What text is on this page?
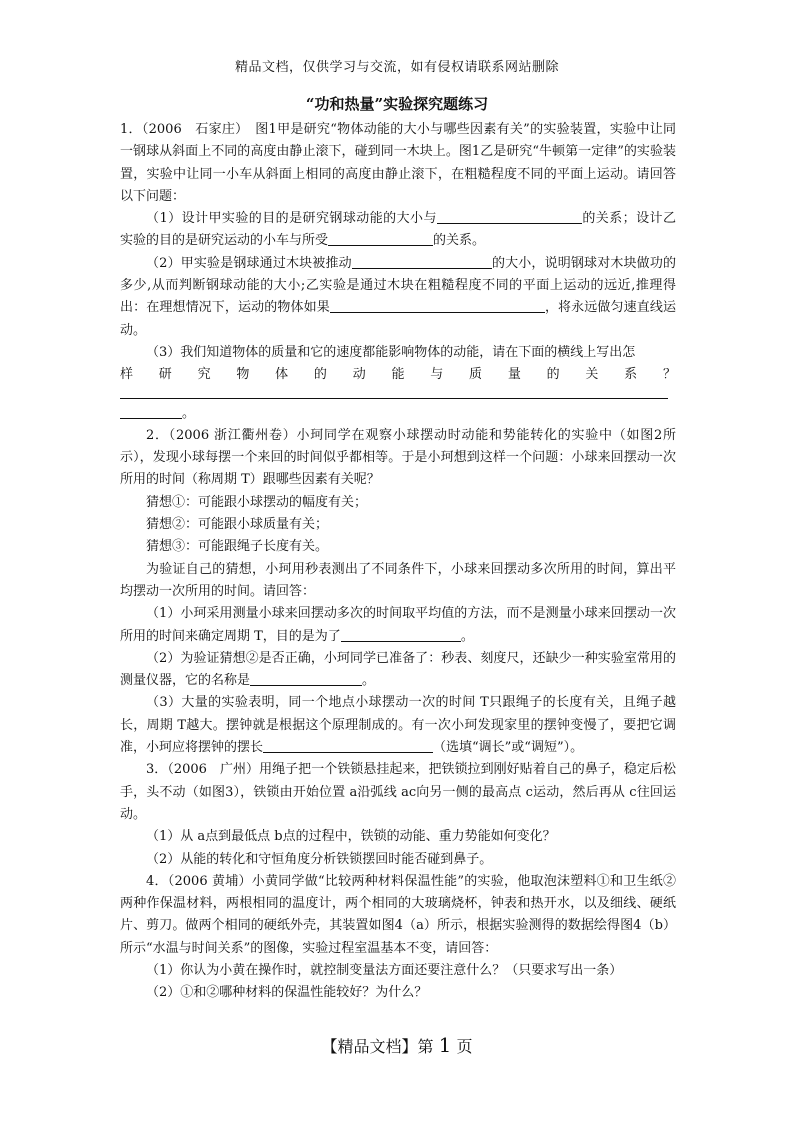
精品文档，仅供学习与交流，如有侵权请联系网站删除
“功和热量”实验探究题练习

1．（2006　石家庄）　图1甲是研究“物体动能的大小与哪些因素有关”的实验装置，实验中让同一钢球从斜面上不同的高度由静止滚下，碰到同一木块上。图1乙是研究“牛顿第一定律”的实验装置，实验中让同一小车从斜面上相同的高度由静止滚下，在粗糙程度不同的平面上运动。请回答以下问题：

（1）设计甲实验的目的是研究钢球动能的大小与	的关系；设计乙实验的目的是研究运动的小车与所受	的关系。

（2）甲实验是钢球通过木块被推动	的大小，说明钢球对木块做功的多少,从而判断钢球动能的大小;乙实验是通过木块在粗糙程度不同的平面上运动的远近,推理得出：在理想情况下，运动的物体如果	，将永远做匀速直线运动。

（3）我们知道物体的质量和它的速度都能影响物体的动能，请在下面的横线上写出怎

样 研 究 物 体 的 动 能 与 质 量 的 关 系 ？

。

2．（2006 浙江衢州卷）小珂同学在观察小球摆动时动能和势能转化的实验中（如图2所示），发现小球每摆一个来回的时间似乎都相等。于是小珂想到这样一个问题：小球来回摆动一次所用的时间（称周期 T）跟哪些因素有关呢？

猜想①：可能跟小球摆动的幅度有关；

猜想②：可能跟小球质量有关；

猜想③：可能跟绳子长度有关。

为验证自己的猜想，小珂用秒表测出了不同条件下，小球来回摆动多次所用的时间，算出平均摆动一次所用的时间。请回答：

（1）小珂采用测量小球来回摆动多次的时间取平均值的方法，而不是测量小球来回摆动一次所用的时间来确定周期 T，目的是为了	。

（2）为验证猜想②是否正确，小珂同学已准备了：秒表、刻度尺，还缺少一种实验室常用的测量仪器，它的名称是	。

（3）大量的实验表明，同一个地点小球摆动一次的时间 T只跟绳子的长度有关，且绳子越长，周期 T越大。摆钟就是根据这个原理制成的。有一次小珂发现家里的摆钟变慢了，要把它调准，小珂应将摆钟的摆长	（选填“调长”或“调短”）。

3．（2006　广州）用绳子把一个铁锁悬挂起来，把铁锁拉到刚好贴着自己的鼻子，稳定后松手，头不动（如图3），铁锁由开始位置 a沿弧线 ac向另一侧的最高点 c运动，然后再从 c往回运动。

（1）从 a点到最低点 b点的过程中，铁锁的动能、重力势能如何变化？

（2）从能的转化和守恒角度分析铁锁摆回时能否碰到鼻子。

4．（2006 黄埔）小黄同学做“比较两种材料保温性能”的实验，他取泡沫塑料①和卫生纸②两种作保温材料，两根相同的温度计，两个相同的大玻璃烧杯，钟表和热开水，以及细线、硬纸片、剪刀。做两个相同的硬纸外壳，其装置如图4（a）所示，根据实验测得的数据绘得图4（b）所示“水温与时间关系”的图像，实验过程室温基本不变，请回答：

（1）你认为小黄在操作时，就控制变量法方面还要注意什么？（只要求写出一条）

（2）①和②哪种材料的保温性能较好？为什么？

【精品文档】第 1 页
